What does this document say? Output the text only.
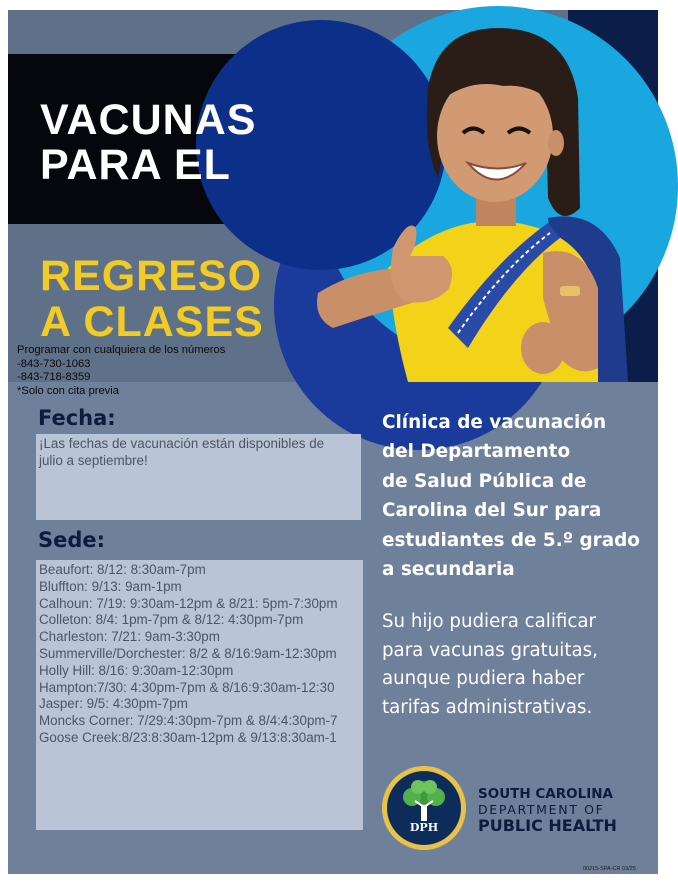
VACUNAS
PARA EL
REGRESO
A CLASES
Programar con cualquiera de los números
-843-730-1063
-843-718-8359
*Solo con cita previa
Fecha:
¡Las fechas de vacunación están disponibles de
julio a septiembre!
Sede:
Beaufort: 8/12: 8:30am-7pm
Bluffton: 9/13: 9am-1pm
Calhoun: 7/19: 9:30am-12pm & 8/21: 5pm-7:30pm
Colleton: 8/4: 1pm-7pm & 8/12: 4:30pm-7pm
Charleston: 7/21: 9am-3:30pm
Summerville/Dorchester: 8/2 & 8/16:9am-12:30pm
Holly Hill: 8/16: 9:30am-12:30pm
Hampton:7/30: 4:30pm-7pm & 8/16:9:30am-12:30
Jasper: 9/5: 4:30pm-7pm
Moncks Corner: 7/29:4:30pm-7pm & 8/4:4:30pm-7
Goose Creek:8/23:8:30am-12pm & 9/13:8:30am-1
Clínica de vacunación
del Departamento
de Salud Pública de
Carolina del Sur para
estudiantes de 5.º grado
a secundaria
Su hijo pudiera calificar
para vacunas gratuitas,
aunque pudiera haber
tarifas administrativas.
DPH
SOUTH CAROLINA
DEPARTMENT OF
PUBLIC HEALTH
00215-SPA-CR 03/25
